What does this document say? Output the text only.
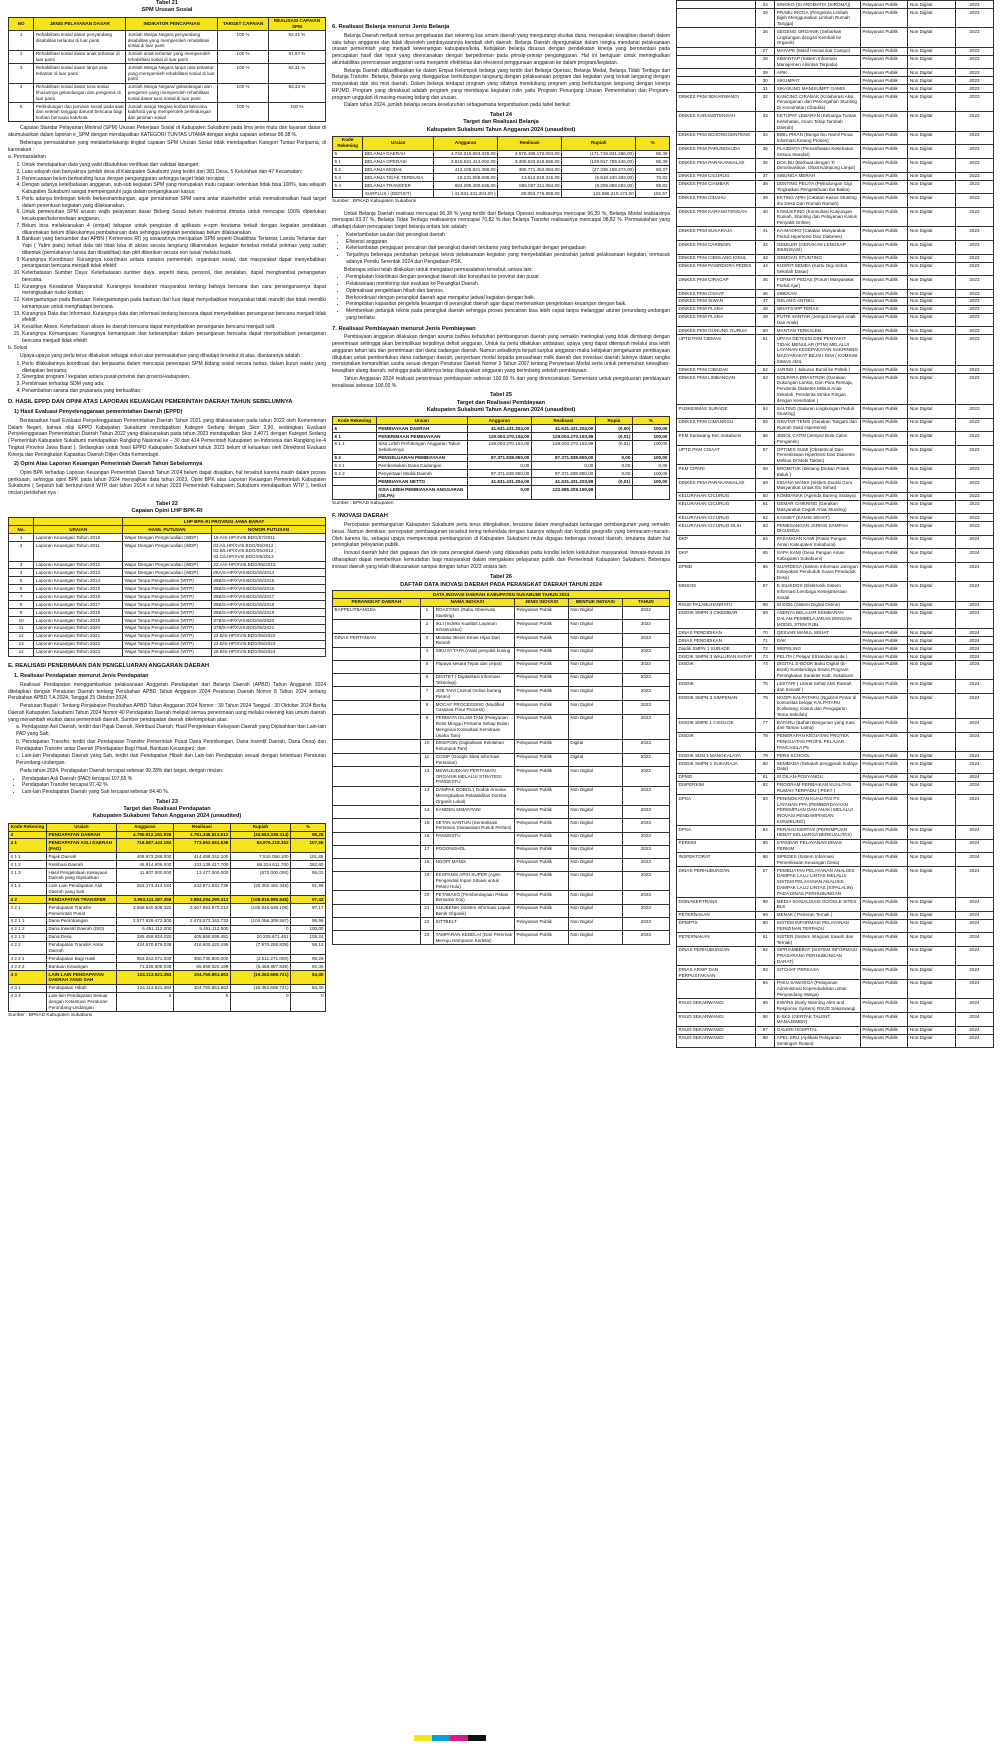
Tabel 21
SPM Urusan Sosial
NO	JENIS PELAYANAN DASAR	INDIKATOR PENCAPAIAN	TARGET CAPAIAN	REALISASI CAPAIAN SPM
1	Rehabilitasi sosial dasar penyandang disabilitas terlantar di luar panti	Jumlah Warga Negara penyandang disabilitas yang memperoleh rehabilitasi sosial di luar panti	100 %	92,31 %
2	Rehabilitasi sosial dasar anak terlantar di luar panti	Jumlah anak terlantar yang memperoleh rehabilitasi sosial di luar panti	100 %	91,67 %
3	Rehabilitasi sosial dasar lanjut usia terlantar di luar panti	Jumlah Warga Negara lanjut usia terlantar yang memperoleh rehabilitasi sosial di luar panti	100 %	92,31 %
4	Rehabilitasi sosial dasar tuna sosial khususnya gelandangan dan pengemis di luar panti	Jumlah Warga Negara/ gelandangan dan pengemis yang memperoleh rehabilitasi sosial dasar tuna sosial di luar panti	100 %	83,33 %
5	Perlindungan dan jaminan sosial pada saat dan setelah tanggap darurat bencana bagi korban bencana kab/kota	Jumlah warga Negara korban bencana kab/kota yang memperoleh perlindungan dan jaminan sosial	100 %	100 %

Capaian Standar Pelayanan Minimal (SPM) Urusan Pekerjaan Sosial di Kabupaten Sukabumi pada lima jenis mutu dan layanan dasar di akumulasikan dalam laporan e_SPM dengan mendapatkan KATEGORI TUNTAS UTAMA dengan angka capaian sebesar 98,38 %.

Beberapa permasalahan yang melatarbelakangi tingkat capaian SPM Urusan Sosial tidak mendapatkan Kategori Tuntas Paripurna, di karenakan :

a. Permasalahan
1. Untuk mendapatkan data yang valid dibutuhkan verifikasi dan validasi lapangan;
2. Luas wilayah dan banyaknya jumlah desa di Kabupaten Sukabumi yang terdiri dari 381 Desa, 5 Kelurahan dan 47 Kecamatan;
3. Perencanaan belum berbanding lurus dengan penganggaran sehingga target tidak tercapai;
4. Dengan adanya keterbatasan anggaran, sub-sub kegiatan SPM yang merupakan mutu capaian ketentuan tidak bisa 100%, luas wilayah Kabupaten Sukabumi sangat mempengaruhi juga dalam penjangkauan kasus;
5. Perlu adanya timbingan teknik berkesinambungan, agar pemahaman SPM sama antar stakeholder untuk memaksimalkan hasil target dalam penentuan kegiatan yang dilaksanakan.
6. Untuk pemenuhan SPM urusan wajib pelayanan dasar Bidang Sosial belum maksimal dimana untuk mencapai 100% diperlukan kecukupan/ketersediaan anggaran.
7. Belum bisa melaksanakan 4 (empat) tahapan untuk pengisian di aplikasis e-spm terutama terkait dengan kegiatan pendataan dikarenakan belum dilakukannya pembaharuan data sehingga kegiatan pendataan belum dilaksanakan.
8. Bantuan yang bersumber dari APBN ( Kemensos RI) yg sasarannya merupakan SPM seperti Disabilitas Terlantar, Lansia Terlantar dan Yapi ( Yatim piatu) terkait data tsb tidak bisa di akses secara langsung dikarenakan kegiatan tersebut melalui pokmas yang sudah dibentuk (permakanan lansia dan disabilitas) dan pkh diberikan secara non tunai/ melalui bank.
9. Kurangnya Koordinasi: Kurangnya koordinasi antara instansi pemerintah, organisasi sosial, dan masyarakat dapat menyebabkan penanganan bencana menjadi tidak efektif.
10. Keterbatasan Sumber Daya: Keterbatasan sumber daya, seperti dana, personil, dan peralatan, dapat menghambat penanganan bencana.
11. Kurangnya Kesadaran Masyarakat: Kurangnya kesadaran masyarakat tentang bahaya bencana dan cara penanganannya dapat meningkatkan risiko korban.
12. Ketergantungan pada Bantuan: Ketergantungan pada bantuan dari luar dapat menyebabkan masyarakat tidak mandiri dan tidak memiliki kemampuan untuk menghadapi bencana.
13. Kurangnya Data dan Informasi: Kurangnya data dan informasi tentang bencana dapat menyebabkan penanganan bencana menjadi tidak efektif.
14. Kesulitan Akses: Keterbatasan akses ke daerah bencana dapat menyebabkan penanganan bencana menjadi sulit.
15. Kurangnya Kemampuan: Kurangnya kemampuan dan keterampilan dalam penanganan bencana dapat menyebabkan penanganan bencana menjadi tidak efektif.
b. Solusi

Upaya-upaya yang perlu terus dilakukan sebagai solusi atas permasalahan yang dihadapi tersebut di atas, diantaranya adalah :

1. Perlu dilakukannya koordinasi dan kerjasama dalam mencapai penerapan SPM bidang sosial secara tuntas, dalam kurun waktu yang ditetapkan bersama;
2. Sinergitas program / kegiatan antara pusat-provinsi dan provinsi-kabupaten,
3. Pembinaan terhadap SDM yang ada;
4. Penambahan sarana dan prasarana yang berkualitas;
D. HASIL EPPD DAN OPINI ATAS LAPORAN KEUANGAN PEMERINTAH DAERAH TAHUN SEBELUMNYA
1) Hasil Evaluasi Penyelenggaraan pemerintahan Daerah (EPPD)

Berdasarkan hasil Evaluasi Penyelenggaraan Pemerintahan Daerah Tahun 2021 yang dilaksanakan pada tahun 2022 oleh Kementerian Dalam Negeri, bahwa nilai EPPD Kabupaten Sukabumi mendapatkan Kategori Sedang dengan Skor 2,90, sedangkan Evaluasi Penyelenggaraan Pemerintahan Daerah Tahun 2022 yang dilaksanakan pada tahun 2023 mendapatkan Skor 3,4071 dengan Kategori Sedang ( Pemerintah Kabupaten Sukabumi mendapatkan Rangking Nasional ke – 30 dari 414 Pemerintah Kabupaten se-Indonesia dan Rangking ke-4 Tingkat Provinsi Jawa Barat ), Sedangkan untuk hasil EPPD Kabupaten Sukabumi tahun 2023 belum di keluarkan oleh Direktorat Evaluasi Kinerja dan Peningkatan Kapasitas Daerah Ditjen Otda Kemendagri.

2) Opini Atas Laporan Keuangan Pemerintah Daerah Tahun Sebelumnya

Opini BPK terhadap Laporan Keuangan Pemerintah Daerah Tahun 2024 belum dapat disajikan, hal tersebut karena masih dalam proses periksaan, sehingga opini BPK pada tahun 2024 menyajikan data tahun 2023, Opini BPK atas Laporan Keuangan Pemerintah Kabupaten Sukabumi ( Sepuluh kali berturut-turut WTP dari tahun 2014 s.d tahun 2023 Pemerintah Kabupaten Sukabumi mendapatkan WTP ), berikut rincian perolehan nya :

Tabel 22
Capaian Opini LHP BPK-RI
		LHP BPK-RI PROVINSI JAWA BARAT	
No.	URAIAN	HASIL PUTUSAN	NOMOR PUTUSAN
1	Laporan Keuangan Tahun 2010	Wajar Dengan Pengecualian (WDP)	16.A/S-HP/XVIII.BDG/07/2011
2	Laporan Keuangan Tahun 2011	Wajar Dengan Pengecualian (WDP)	03.A/LHP/XVIII.BDG/05/2012 ; 03.B/LHP/XVIII.BDG/05/2012 ; 03.C/LHP/XVIII.BDG/05/2012
3	Laporan Keuangan Tahun 2012	Wajar Dengan Pengecualian (WDP)	22.A/S-HP/XVIII.BDG/05/2013
4	Laporan Keuangan Tahun 2013	Wajar Dengan Pengecualian (WDP)	08A/S-HP/XVIII.BDG/05/2014
5	Laporan Keuangan Tahun 2014	Wajar Tanpa Pengecualian (WTP)	46B/S-HP/XVIII.BDG/05/2015
6	Laporan Keuangan Tahun 2015	Wajar Tanpa Pengecualian (WTP)	39B/S-HP/XVIII.BDG/06/2016
7	Laporan Keuangan Tahun 2016	Wajar Tanpa Pengecualian (WTP)	39B/S-HP/XVIII.BDG/05/2017
8	Laporan Keuangan Tahun 2017	Wajar Tanpa Pengecualian (WTP)	39B/S-HP/XVIII.BDG/05/2018
9	Laporan Keuangan Tahun 2018	Wajar Tanpa Pengecualian (WTP)	39B/S-HP/XVIII.BDG/05/2019
10	Laporan Keuangan Tahun 2019	Wajar Tanpa Pengecualian (WTP)	37B/S-HP/XVIII.BDG/06/2020
11	Laporan Keuangan Tahun 2020	Wajar Tanpa Pengecualian (WTP)	37B/S-HP/XVIII.BDG/05/2021
12	Laporan Keuangan Tahun 2021	Wajar Tanpa Pengecualian (WTP)	22.B/S-HP/XVIII.BDG/05/2022
13	Laporan Keuangan Tahun 2022	Wajar Tanpa Pengecualian (WTP)	23.B/S-HP/XVIII.BDG/05/2023
14	Laporan Keuangan Tahun 2023	Wajar Tanpa Pengecualian (WTP)	29.B/S-HP/XVIII.BDG/05/2024
E. REALISASI PENERIMAAN DAN PENGELUARAN ANGGARAN DAERAH
1. Realisasi Pendapatan menurut Jenis Pendapatan

Realisasi Pendapatan menggambarkan pelaksanaan Anggaran Pendapatan dan Belanja Daerah (APBD) Tahun Anggaran 2024 ditetapkan dengan Peraturan Daerah tentang Perubahan APBD Tahun Anggaran 2024 Peraturan Daerah Nomor 8 Tahun 2024 tentang Perubahan APBD T.A 2024, Tanggal 25 Oktober 2024.

Peraturan Bupati : Tentang Penjabaran Perubahan APBD Tahun Anggaran 2024 Nomor : 39 Tahun 2024 Tanggal : 30 Oktober 2024 Berita Daerah Kabupaten Sukabumi Tahun 2024 Nomor 40 Pendapatan Daerah meliputi semua penerimaan uang melalui rekening kas umum daerah yang menambah ekuitas dana pemerintah daerah. Sumber pendapatan daerah dikelompokan atas:

a. Pendapatan Asli Daerah, terdiri dari Pajak Daerah, Retribusi Daerah, Hasil Pengelolaan Kekayaan Daerah yang Dipisahkan dan Lain-lain PAD yang Sah;

b. Pendapatan Transfer, terdiri dari Pendapatan Transfer Pemerintah Pusat Dana Perimbangan, Dana Insentif Daerah, Dana Desa) dan Pendapatan Transfer antar Daerah (Pendapatan Bagi Hasil, Bantuan Keuangan); dan

c. Lain-lain Pendapatan Daerah yang Sah, terdiri dari Pendapatan Hibah dan Lain-lain Pendapatan sesuai dengan ketentuan Peraturan Perundang-undangan.

Pada tahun 2024, Pendapatan Daerah tercapai sebesar 99,28% dari target, dengan rincian:

• Pendapatan Asli Daerah (PAD) tercapai 107,65 %
• Pendapatan Transfer tercapai 97,42 %
• Lain-lain Pendapatan Daerah yang Sah tercapai sebesar 84,40 %.
Tabel 23
Target dan Realisasi Pendapatan
Kabupaten Sukabumi Tahun Anggaran 2024 (unaudited)
Kode Rekening	Uraian	Anggaran	Realisasi	Rupiah	%
4	PENDAPATAN DAERAH	4.795.912.151.926	4.761.348.813.612	(34.563.338.314)	99,28
4 1	PENDAPATAN ASLI DAERAH (PAD)	718.687.443.184	773.663.661.536	54.976.218.352	107,65
4 1 1	Pajak Daerah	406.972.286.000	414.488.342.100	7.516.056.100	101,85
4 1 2	Retribusi Daerah	46.914.806.000	133.139.417.700	86.224.611.700	283,80
4 1 3	Hasil Pengelolaan Kekayaan Daerah yang Dipisahkan	11.807.000.000	13.477.000.000	(670.000.000)	95,03
4 1 4	Lain-Lain Pendapatan Asli Daerah yang Sah	253.174.414.184	232.871.931.736	(20.302.482.448)	91,98
4 2	PENDAPATAN TRANSFER	3.993.111.187.358	3.884.294.290.413	(108.816.896.945)	97,42
4 2 1	Pendapatan Transfer Pemerintah Pusat	3.568.540.508.320	3.467.693.870.214	(100.846.638.106)	97,17
4 2 1 1	Dana Perimbangan	2.577.629.472.300	2.473.573.162.733	(104.056.309.567)	95,96
4 2 1 2	Dana Insentif Daerah (DID)	5.451.112.000	5.451.112.000	0	100,00
4 2 1 3	Dana Desa	385.459.924.020	405.669.595.481	20.209.671.461	105,24
4 2 2	Pendapatan Transfer Antar Daerah	424.570.679.038	416.600.420.199	(7.970.258.839)	98,12
4 2 2 1	Pendapatan Bagi Hasil	353.242.071.000	350.730.800.000	(2.511.271.000)	99,29
4 2 2 2	Bantuan Keuangan	71.328.608.038	65.869.620.199	(5.458.987.839)	92,35
4 3	LAIN-LAIN PENDAPATAN DAERAH YANG SAH	124.113.521.384	104.750.861.663	(19.362.659.721)	84,40
4 3 1	Pendapatan Hibah	124.113.521.384	104.750.861.663	(19.362.659.721)	84,40
4 3 3	Lain-lain Pendapatan Sesuai dengan Ketentuan Peraturan Perundang-Undangan	0	0	0	0
Sumber : BPKAD Kabupaten Sukabumi
6. Realisasi Belanja menurut Jenis Belanja

Belanja Daerah meliputi semua pengeluaran dari rekening kas umum daerah yang mengurangi ekuitas dana, merupakan kewajiban daerah dalam satu tahun anggaran dan tidak diperoleh pembayarannya kembali oleh daerah. Belanja Daerah dipergunakan dalam rangka mendanai pelaksanaan urusan pemerintah yang menjadi kewenangan kabupaten/kota. Kebijakan belanja disusun dengan pendekatan kinerja yang berorientasi pada pencapaian hasil dari input yang direncanakan dengan berpedoman pada prinsip-prinsip penganggaran. Hal ini bertujuan untuk meningkatkan akuntabilitas perencanaan anggaran serta menjamin efektivitas dan efesiensi penggunaan anggaran ke dalam program/kegiatan.

Belanja Daerah diklasifikasikan ke dalam Empat Kelompok belanja yang terdiri dari Belanja Operasi, Belanja Modal, Belanja Tidak Terduga dan Belanja Transfer. Belanja, Belanja yang dianggarkan berhubungan langsung dengan pelaksanaan program dan kegiatan yang terkait langsung dengan masyarakat dan visi misi daerah. Dalam belanja terdapat program yang sifatnya mendukung program yang berhubungan langsung dengan kinerja RPJMD. Program yang dimaksud adalah program yang membiayai kegiatan rutin yaitu Program Penunjang Urusan Pemerintahan dan Program-program unggulan di masing-masing bidang dan urusan..

Dalam tahun 2024, jumlah belanja secara keseluruhan sebagaimana tergambarkan pada tabel berikut:

Tabel 24
Target dan Realisasi Belanja
Kabupaten Sukabumi Tahun Anggaran 2024 (unaudited)
Kode Rekening	Uraian	Anggaran	Realisasi	Rupiah	%
5	BELANJA DAERAH	4.742.215.004.329,00	4.570.495.173.063,00	(171.719.831.266,00)	96,38
5 1	BELANJA OPERASI	3.615.541.414.002,00	3.485.623.618.566,00	(129.917.795.436,00)	96,39
5 2	BELANJA MODAL	413.106.621.368,00	385.771.452.084,00	(27.335.169.274,00)	93,37
5 3	BELANJA TIDAK TERDUGA	19.231.058.608,00	13.612.818.315,00	(5.618.240.293,00)	70,82
5 4	BELANJA TRANSFER	694.295.400.636,00	686.087.311.054,00	(8.208.089.582,00)	98,82
	SURPLUS / (DEFISIT)	( 41.631.431.204,00 )	80.053.776.869,00	122.986.210.173,00	192,57
Sumber : BPKAD Kabupaten Sukabumi

Untuk Belanja Daerah realisasi mencapai 96,38 % yang terdiri dari Belanja Operasi realisasinya mencapai 96,39 %, Belanja Modal realisasinya mencapai 93,37 %, Belanja Tidak Terduga realisasinya mencapai 70,82 % dan Belanja Transfer realisasinya mencapai 98,82 %. Permasalahan yang dihadapi dalam pencapaian target belanja antara lain adalah:

• Keterlambatan usulan dari perangkat daerah
• Efisiensi anggaran
• Keterlambatan pengajuan pencairan dari perangkat daerah terutama yang berhubungan dengan pengadaan
• Terjadinya beberapa perubahan petunjuk teknis pelaksanaan kegiatan yang menyebabkan perubahan jadwal pelaksanaan kegiatan, termasuk adanya Pemilu Serentak 2024 dan Pengadaan PSK.

Beberapa solusi telah dilakukan untuk mengatasi permasalahan tersebut, antara lain:

• Peningkatan koordinasi dengan perangkat daerah dan konsultasi ke provinsi dan pusat
• Pelaksanaan monitoring dan evaluasi ke Perangkat Daerah.
• Optimalisasi pengelolaan hibah dan bansos.
• Berkoordinasi dengan perangkat daerah agar mengatur jadwal kegiatan dengan baik.
• Peningkatan kapasitas pengelola keuangan di perangkat daerah agar dapat memerankan pengelolaan keuangan dengan baik.
• Memberikan petunjuk teknis pada perangkat daerah sehingga proses pencairan bisa lebih cepat tanpa melanggar aturan perundang-undangan yang berlaku
7. Realisasi Pembiayaan menurut Jenis Pembiayaan

Pembiayaan anggaran dilakukan dengan asumsi bahwa kebutuhan pembangunan daerah yang semakin meningkat yang tidak diimbangi dengan penerimaan sehingga akan berimplikasi terjadinya defisit anggaran. Untuk itu perlu dilakukan antisipasi, upaya yang dapat ditempuh melalui sisa lebih anggaran tahun lalu dan penerimaan dari dana cadangan daerah. Namun sebaliknya terjadi surplus anggaran maka kebijakan pengeluaran pembiayaan ditujukan untuk pembentukan dana cadangan daerah, penyertaan modal kepada perusahaan milik daerah dan investasi daerah lainnya dalam rangka menciptakan kemandirian usaha sesuai dengan Peraturan Daerah Nomor 3 Tahun 2007 tentang Penyertaan Modal serta untuk pemenuhan kewajiban-kewajiban utang daerah, sehingga pada akhirnya tetap diupayakan anggaran yang berimbang setelah pembiayaan.

Tahun Anggaran 2024 realisasi penerimaan pembiayaan sebesar 100,00 % dari yang direncanakan. Sementara untuk pengeluaran pembiayaan terealisasi sebesar 100,00 %.

Tabel 25
Target dan Realisasi Pembiayaan
Kabupaten Sukabumi Tahun Anggaran 2024 (unaudited)
Kode Rekening	Uraian	Anggaran	Realisasi	Rupia	%
6	PEMBIAYAAN DAERAH	41.631.431.204,00	41.631.431.204,00	(0,00)	100,00
6 1	PENERIMAAN PEMBIAYAAN	129.003.270.154,00	129.003.270.153,99	(0,01)	100,00
6 1 1	Sisa Lebih Perhitungan Anggaran Tahun Sebelumnya	129.003.270.154,00	129.003.270.153,99	(0,01)	100,00
6 2	PENGELUARAN PEMBIAYAAN	87.371.838.950,00	87.371.838.950,00	0,00	100,00
6 2 1	Pembentukan Dana Cadangan	0,00	0,00	0,00	0,00
6 2 2	Penyertaan Modal Daerah	87.371.838.950,00	87.371.838.950,00	0,00	100,00
	PEMBIAYAAN NETTO	41.631.431.204,00	41.631.431.203,99	(0,01)	100,00
	SISA LEBIH PEMBIAYAAN ANGGARAN (SILPA)	0,00	122.985.209.150,99		
Sumber : BPKAD Kabupaten
F. INOVASI DAERAH

Percepatan pembangunan Kabupaten Sukabumi perlu terus ditingkatkan, terutama dalam menghadapi tantangan pembangunan yang semakin besar. Namun demikian, percepatan pembangunan tersebut tering terkendala dengan luasnya wilayah dan kondisi geografis yang bermacam-macam. Oleh karena itu, sebagai upaya mempercepat pembangunan di Kabupaten Sukabumi mulai digagas beberapa inovasi daerah, terutama dalam hal peningkatan pelayanan publik.

Inovasi daerah lahir dari gagasan dan ide para perangkat daerah yang didasarkan pada kondisi terkini kebutuhan masyarakat. Inovasi-inovasi ini diharapkan dapat memberikan kemudahan bagi masyarakat dalam mengakses pelayanan publik dari Pemerintah Kabupaten Sukabumi. Beberapa inovasi daerah yang telah dilaksanakan sampai dengan tahun 2023 antara lain:

Tabel 26
DAFTAR DATA INOVASI DAERAH PADA PERANGKAT DAERAH TAHUN 2024
DATA INOVASI DAERAH KABUPATEN SUKABUMI TAHUN 2024					
PERANGKAT DAERAH	NAMA INOVASI		JENIS INOVASI	BENTUK INOVASI	TAHUN
BAPPELITBANGDA	1	ROASTING (Rabu Observasi Stunting)	Pelayanan Publik	Non Digital	2022
	2	IKLI (Indeks Kualitas Layanan Infrastruktur)	Pelayanan Publik	Non Digital	2022
DINAS PERTANIAN	3	Miniatur Bisnis Emas Hijau Dari Rumah	Pelayanan Publik	Non Digital	2023
	4	SIKUYA TAPA (Atasi penyakit kuning	Pelayanan Publik	Non Digital	2023
	5	Papaya sesara Tepat dan cepat)	Pelayanan Publik	Non Digital	2022
	6	DIGITET ( Digitalisasi Informasi Teknologi)	Pelayanan Publik	Non Digital	2023
	7	JOB TANI (Jurnal Online barang Petani)	Pelayanan Publik	Non Digital	2023
	8	MOCAF PROCESSING (Modified Cassava Flour Process)	Pelayanan Publik	Non Digital	2023
	9	PERMATA ISLAM TANI (Pelayanan Rutin Minggu Pertama Setiap Bulan Mengenai Konsultasi Kemitraan Usaha Tani)	Pelayanan Publik	Non Digital	2023
	10	DIKEPOIN (Digitalisasi Kelolahan Kelompok Tani)	Pelayanan Publik	Digital	2023
	11	GOSIP (Google Sites Informasi Pertanian)	Pelayanan Publik	Digital	2022
	12	MEWUJUDKAN PERTANIAN ORGANIK MELALUI STRATEGI PANGESTU	Pelayanan Publik	Non Digital	2022
	13	DAMPAK DOBOL ( Dodok Amonia Meningkatkan Palatabilitas Domba Organik Lokal)	Pelayanan Publik	Non Digital	2023
	14	KANDEN SIMANTANI	Pelayanan Publik	Non Digital	2023
	15	SETAN SANTUN (Sentralisasi Pertanian Diwawasan Pusuk Pertani)	Pelayanan Publik	Non Digital	2023
	16	PANGESTU	Pelayanan Publik	Non Digital	2023
	17	POGONGHOL	Pelayanan Publik	Non Digital	2023
	18	NGOPI MANIS	Pelayanan Publik	Non Digital	2023
	19	EKSPANSI APIH SUPER (Agen Pengendali Inpari Situasi untuk Petani Hulu)	Pelayanan Publik	Non Digital	2023
	20	PETABASO (Pemberdayaan Petani Bersama Soy)	Pelayanan Publik	Non Digital	2023
	21	SIJUBENIK (Sistem Informasi Lapak Benih Organik)	Pelayanan Publik	Non Digital	2023
	22	SITTBELT	Pelayanan Publik	Non Digital	2023
	23	TAMPARAN KEDELAI (Dari Peternak Menuju Hamparan Kedelai)	Pelayanan Publik	Non Digital	2023
	24	SINOKO (SI AROMATIK (SIROMA))	Pelayanan Publik	Non Digital	2023
	25	PRABU INGGA (Pengelola Limbah Bijeh Menggunakan Limbah Rumah Tangga)	Pelayanan Publik	Non Digital	2023
	26	SEGENG ORGANIK (Sebarkan Lingkungan dengan Kembali ke Organik)	Pelayanan Publik	Non Digital	2023
	27	MAYAPE (Masif Hemat Ikat Campo)	Pelayanan Publik	Non Digital	2023
	28	SIMANTAP (Sistem Informasi Manajemen Alsintan Terpadu)	Pelayanan Publik	Non Digital	2023
	29	APIK	Pelayanan Publik	Non Digital	2023
	30	SIKUMPAT	Pelayanan Publik	Non Digital	2023
	31	SIKASUNG MANISUMPT GAMIS	Pelayanan Publik	Non Digital	2023
DINKES PKM SEKARWANGI	32	KANCING CIRABAK (Kolaborasi Aksi Penanganan dan Pencegahan Stunting Di Kecamatan Cibadak)	Pelayanan Publik	Non Digital	2023
DINKES KARANGTENGAH	33	KETUPAT LEBARAN (Keluarga Tuntas Kesehatan, Imam Tetap Tambah Daerah)	Pelayanan Publik	Non Digital	2023
DINKES PKM BOJONGGENTENG	34	BIBIL PIKAN (Bunga Ibu Hamil Pinua Informasi Ketang Proses)	Pelayanan Publik	Non Digital	2023
DINKES PKM PARUNGKUDA	35	PLAZENTA (Pemanfaatan Kesehatan Sesuai Standar)	Pelayanan Publik	Non Digital	2023
DINKES PKM PARAKANSALAK	36	DOA BU (Berbuat dengan Ti Dimotivasikan, Obati Kampung Lanjut)	Pelayanan Publik	Non Digital	2023
DINKES PKM CICURUG	37	SIBUNGA MERAH	Pelayanan Publik	Non Digital	2023
DINKES PKM CIAMBAR	38	DENTING PELITA (Pelindungan Gigi Tingkatkan Pengetahuan Ibu Balita)	Pelayanan Publik	Non Digital	2023
DINKES PKM CIDAHU	39	EKTING APIH (Catatan Kasus Stunting Ibu Desa Dan Rumah Ramah)	Pelayanan Publik	Non Digital	2023
DINKES PKM KARANGTENGAH	40	KONLIKPING (Konsultasi Kunjungan Rumah, Stunting dan Pelayanan Kasus Penyakit Online)	Pelayanan Publik	Non Digital	2023
DINKES PKM SUKARAJA	41	KA-MADRO (Catatan Masyarakat Peduli Hipertensi Dan Diabetes)	Pelayanan Publik	Non Digital	2023
DINKES PKM CARINGIN	42	GEMILER (GERAKAN LENGKAP IMUNISASI)	Pelayanan Publik	Non Digital	2023
DINKES PKM CIBOLANG KIDUL	43	GEMOAN STUNTING	Pelayanan Publik	Non Digital	2023
DINKES PKM PASIRDORA PEDES	44	KUSRIT SEMBA (Kartu Gigi Sehat Sekolah Dasar)	Pelayanan Publik	Non Digital	2023
DINKES PKM CIRACAP	45	FORMAT PEDAS (Forum Masyarakat Peduli Ajar)	Pelayanan Publik	Non Digital	2023
DINKES PKM CISAAT	46	SIBEKAN	Pelayanan Publik	Non Digital	2023
DINKES PKM SIWAN	47	GELANG ANTIBU	Pelayanan Publik	Non Digital	2023
DINKES PKM PLARA	48	WHATSAPP TERAS	Pelayanan Publik	Non Digital	2023
DINKES PKM PLARA	49	PUTRI SANTAR (Jemput Hempri Anak Dan Anak)	Pelayanan Publik	Non Digital	2023
DINKES PKM GUNUNG GURUH	50	MANTAN TERKALEB	Pelayanan Publik	Non Digital	2023
UPTD PKM CIEMAS	51	UPAYA DETEKSI DINI PENYAKIT TIDAK MENULAR (PTM) MELALUI LAYANAN KESEPAKATAN SAKRINING MASYARAKAT BEJAH DINI ( KOMSINI SIMAS ADIL	Pelayanan Publik	Non Digital	2023
DINKES PKM CIBADAK	52	JARING ( Jaburan Bumil ke Poltek )	Pelayanan Publik	Non Digital	2023
DINKES PKM LIMBANGAN	53	GOLPARA DRASTROK (Gerakan Dukungan Lansia, Dan Para Remaja, Penderita Diabetes Militus Anak Sekolah, Penderita Stroke Ringan dengan Kesehatan )	Pelayanan Publik	Non Digital	2023
PUSKESMAS SURADE	54	SALTING (Saluran Lingkungan Peduli Stunting)	Pelayanan Publik	Non Digital	2023
DINKES PKM CIMANGGU	55	GENTAR TENSI (Gerakan Tangani dari Rumah Sakit Hipertensi)	Pelayanan Publik	Non Digital	2023
PKM Karawang Kec.Sukabumi	56	JEBOL CATIN (Jemput Bola Calon Pengantin)	Pelayanan Publik	Non Digital	2023
UPTD PKM CISAAT	57	OPTIMIS SUMI (Obstetrical Dan Pemeriksaan Hipertensi Dan Diabetes Melitus Di Mobi Taktim)	Pelayanan Publik	Non Digital	2023
PKM CIPARI	58	BROMITUK (Bintang Dinkan Posek Baluk )	Pelayanan Publik	Non Digital	2023
DINKES PKM PARAKANSALAK	59	SIDANA MANIS (Sistem Durasi Guru Masyarakat Untuk Ibu Sehat)	Pelayanan Publik	Non Digital	2023
KELURAHAN CICURUG	60	KOMBANAK (Agenda Bareng Sodaya)	Pelayanan Publik	Non Digital	2023
KELURAHAN CICURUG	61	GEMAR CHIKRING (Gerakan Masyarakat Cegah Anak Stunting)	Pelayanan Publik	Non Digital	2023
KELURAHAN CICURUG	62	KASSET (KAMIS SEHAT)	Pelayanan Publik	Non Digital	2023
KELURAHAN CICURUG OLIH	63	PEMESANGAN JARING SAMPAH DIGUNGAI	Pelayanan Publik	Non Digital	2023
DKP	64	PASANGAN KAMI (Pasar Pangan Aman Kabupaten Sukabumi)	Pelayanan Publik	Non Digital	2024
DKP	65	SAPA KAMI (Desa Pangan Aman Kabupaten Sukabumi)	Pelayanan Publik	Non Digital	2024
DPMD	66	SUARDESA (Sistem Informasi Jaringan Kelayakan Penduduk Suara Penduduk Desa)	Pelayanan Publik	Non Digital	2024
DINSOS	67	E-SILIKDOS (Elektronik Sistem Informasi Lembaga Kesejahteraan Sosial	Pelayanan Publik	Non Digital	2024
RSUD PALABUHANRATU	68	SI DOIL (Sistem Digital Online)	Pelayanan Publik	Non Digital	2024
DISDIK SMPN 4 CIKEMBAR	69	ASENYA BELAJAR KEMBARAN DALAM PEMBELAJARAN DENGAN MODEL STEM PJBL	Pelayanan Publik	Non Digital	2024
DINAS PENDIDIKAN	70	QESVAR MANUL SEHAT	Pelayanan Publik	Non Digital	2024
DINAS PENDIDIKAN	71	DAK	Pelayanan Publik	Non Digital	2024
Disdik SMPN 1 SURADE	72	WEPELING	Pelayanan Publik	Non Digital	2024
DISDIK SMPN 3 WALURAN SATAP	73	PELITA ( Pelajar Ell tandan ayuta )	Pelayanan Publik	Non Digital	2024
DISDIK	74	DIGITAL E-BOOK Buku Digital (E-Book) Sumberdaya Siswa Program Peningkatan Karakter Kab. Sukabumi	Pelayanan Publik	Non Digital	2024
DISDIK	75	LESTARI ( Literat Sehat Aksi Ramah dan Inovatif )	Pelayanan Publik	Non Digital	2024
DISDIK SMPN 3 SIMPENAN	76	NGOPI KALPATARU (Ngobrol Pintar di komunitas belajar KALPATARU (Kaliurang, Kasus dan Pengajaran Tema Sekolah)	Pelayanan Publik	Non Digital	2024
DISDIK SMPE 1 CISOLOK	77	BATARU (Bahan Bangunan yang Kasi dari Taman Lama)	Pelayanan Publik	Non Digital	2024
DISDIK	78	PENERAPAN KEGIATAN PROYEK PENGUATAN PROFIL PELAJAR PANCASILA P5	Pelayanan Publik	Non Digital	2024
DISDIK SDN 1 MANGKALAYA	79	PERS SCHOOL	Pelayanan Publik	Non Digital	2024
DISDIK SMPN 1 SUKARAJA	80	SEMBADA (Sekolah penggerak budaya Data)	Pelayanan Publik	Non Digital	2024
DPMD	81	SI DILAN-POSYANDU	Pelayanan Publik	Non Digital	2024
DISPERKIM	82	PROGRAM PERBAIKAN KUALITAS RUMAH TERPADU ( PSKT )	Pelayanan Publik	Non Digital	2024
DPSA	83	PENINGKATAN KUALITAS PS LAYANAN PPA (PEMBERDAYAAN PEREMPUAN DAN ANAK) MELALUI INOVASI PENDAMPINGAN KONSELING)	Pelayanan Publik	Non Digital	2024
DPSA	84	PERAHU KERTAS (PEREMPUAN HEBAT KELUARGA BERKUALITAS)	Pelayanan Publik	Non Digital	2024
PERKIM	85	STANDAR PELAYANAN DINAS PERKIM	Pelayanan Publik	Non Digital	2024
INSPEKTORAT	86	SIPEDES (Sistem Informasi Pemeriksaan Keuangan Desa)	Pelayanan Publik	Non Digital	2024
DINAS PERHUBUNGAN	87	PEMBUATAN PELAYANAN ANALISIS DAMPAK LALU LINTAS MELALUI SISTEM PELAYANAN ANALISIS DAMPAK LALU LINTAS (SIPALALIN) PADA DINAS PERHUBUNGAN	Pelayanan Publik	Non Digital	2024
DISNAKERTRANS	88	MEDIA SOSIALISASI GOOGLE SITES BLK	Pelayanan Publik	Non Digital	2024
PETERNAKAN	89	MENAK ( Peneran Ternak )	Pelayanan Publik	Non Digital	2024
DPMPTS	90	SISTEM INFORMASI PELAYANAN PERIZINAN TERPADU	Pelayanan Publik	Non Digital	2024
PETERNAKAN	91	SISTER (Sistem Integrasi Sawah dan Ternak)	Pelayanan Publik	Non Digital	2024
DINAS PERHUBUNGAN	92	SIPRIAMBEBAT (SISTEM INFORMASI PRASARANA PERHUBUNGAN DARAT)	Pelayanan Publik	Non Digital	2024
DINAS ARSIP DAN PERPUSTAKAAN	93	SITCHAT PERKASA	Pelayanan Publik	Non Digital	2024
	94	PAKU SAWARGA (Pelayanan Administrasi Kependudukan untuk Penyandang Warga)	Pelayanan Publik	Non Digital	2024
RSUD SEKARWANGI	95	EWARS (Early Warning Alert and Response System) RSUD Sekarwangi	Pelayanan Publik	Non Digital	2024
RSUD SEKARWANGI	96	E-SKS (GERTAK TALENT MANAJEMEN)	Pelayanan Publik	Non Digital	2024
RSUD SEKARWANGI	97	GALERI HOSPITAL	Pelayanan Publik	Non Digital	2024
RSUD SEKARWANGI	98	APEL SRU (Aplikasi Pelayanan Sentingen Rutani)	Pelayanan Publik	Non Digital	2024
